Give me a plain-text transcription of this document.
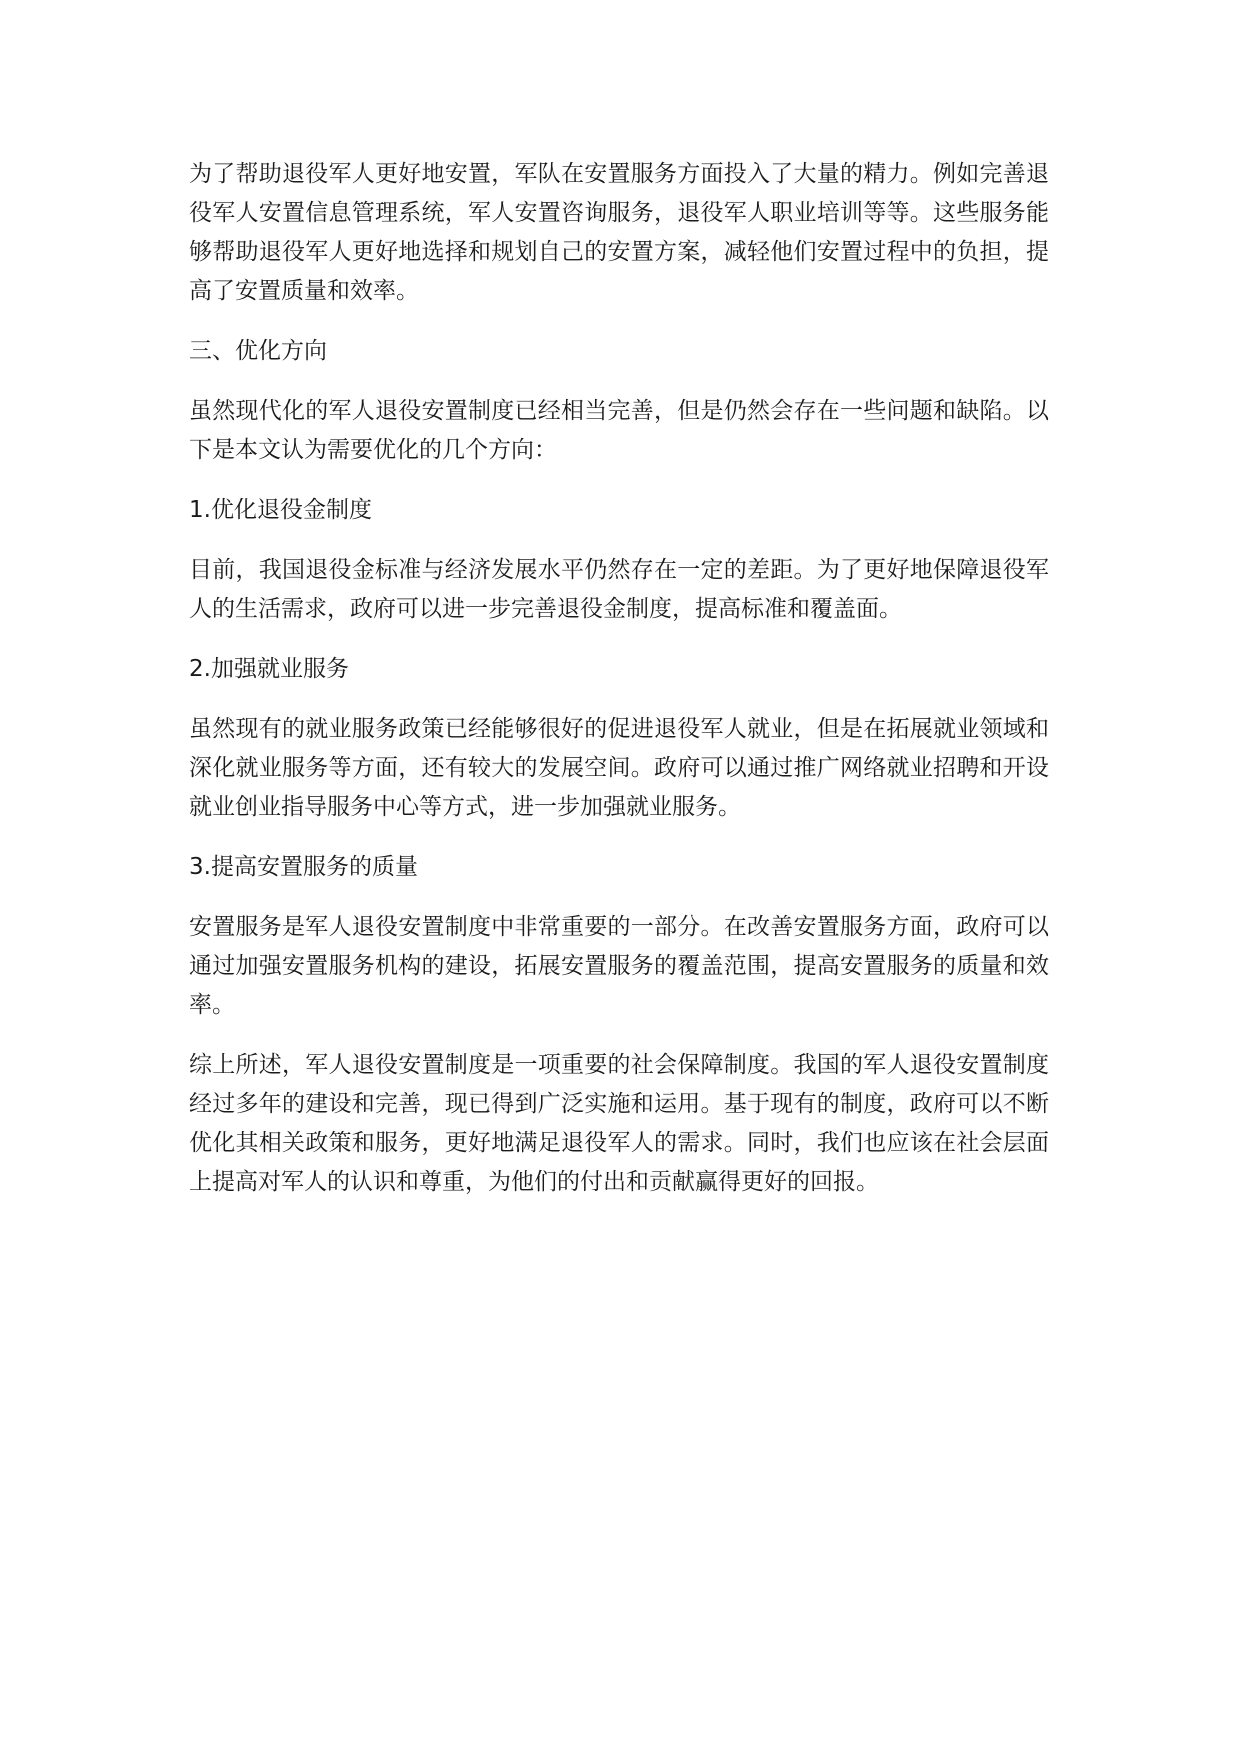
为了帮助退役军人更好地安置，军队在安置服务方面投入了大量的精力。例如完善退役军人安置信息管理系统，军人安置咨询服务，退役军人职业培训等等。这些服务能够帮助退役军人更好地选择和规划自己的安置方案，减轻他们安置过程中的负担，提高了安置质量和效率。

三、优化方向

虽然现代化的军人退役安置制度已经相当完善，但是仍然会存在一些问题和缺陷。以下是本文认为需要优化的几个方向：

1.优化退役金制度

目前，我国退役金标准与经济发展水平仍然存在一定的差距。为了更好地保障退役军人的生活需求，政府可以进一步完善退役金制度，提高标准和覆盖面。

2.加强就业服务

虽然现有的就业服务政策已经能够很好的促进退役军人就业，但是在拓展就业领域和深化就业服务等方面，还有较大的发展空间。政府可以通过推广网络就业招聘和开设就业创业指导服务中心等方式，进一步加强就业服务。

3.提高安置服务的质量

安置服务是军人退役安置制度中非常重要的一部分。在改善安置服务方面，政府可以通过加强安置服务机构的建设，拓展安置服务的覆盖范围，提高安置服务的质量和效率。

综上所述，军人退役安置制度是一项重要的社会保障制度。我国的军人退役安置制度经过多年的建设和完善，现已得到广泛实施和运用。基于现有的制度，政府可以不断优化其相关政策和服务，更好地满足退役军人的需求。同时，我们也应该在社会层面上提高对军人的认识和尊重，为他们的付出和贡献赢得更好的回报。
